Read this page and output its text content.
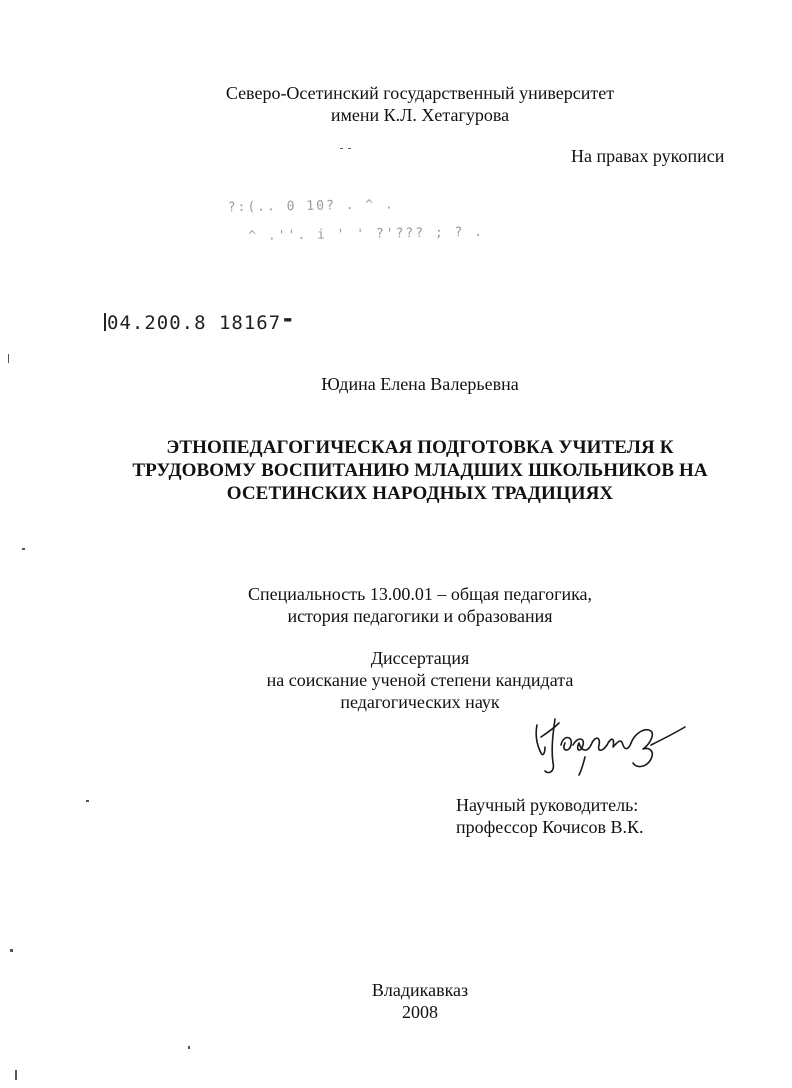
Северо-Осетинский государственный университет
имени К.Л. Хетагурова
На правах рукописи
?:(.. 0 10? . ^ .
^ .''. i ' ' ?'??? ; ? .
04.200.8 18167 ▬
Юдина Елена Валерьевна
ЭТНОПЕДАГОГИЧЕСКАЯ ПОДГОТОВКА УЧИТЕЛЯ К
ТРУДОВОМУ ВОСПИТАНИЮ МЛАДШИХ ШКОЛЬНИКОВ НА
ОСЕТИНСКИХ НАРОДНЫХ ТРАДИЦИЯХ
Специальность 13.00.01 – общая педагогика,
история педагогики и образования
Диссертация
на соискание ученой степени кандидата
педагогических наук
Научный руководитель:
профессор Кочисов В.К.
Владикавказ
2008
